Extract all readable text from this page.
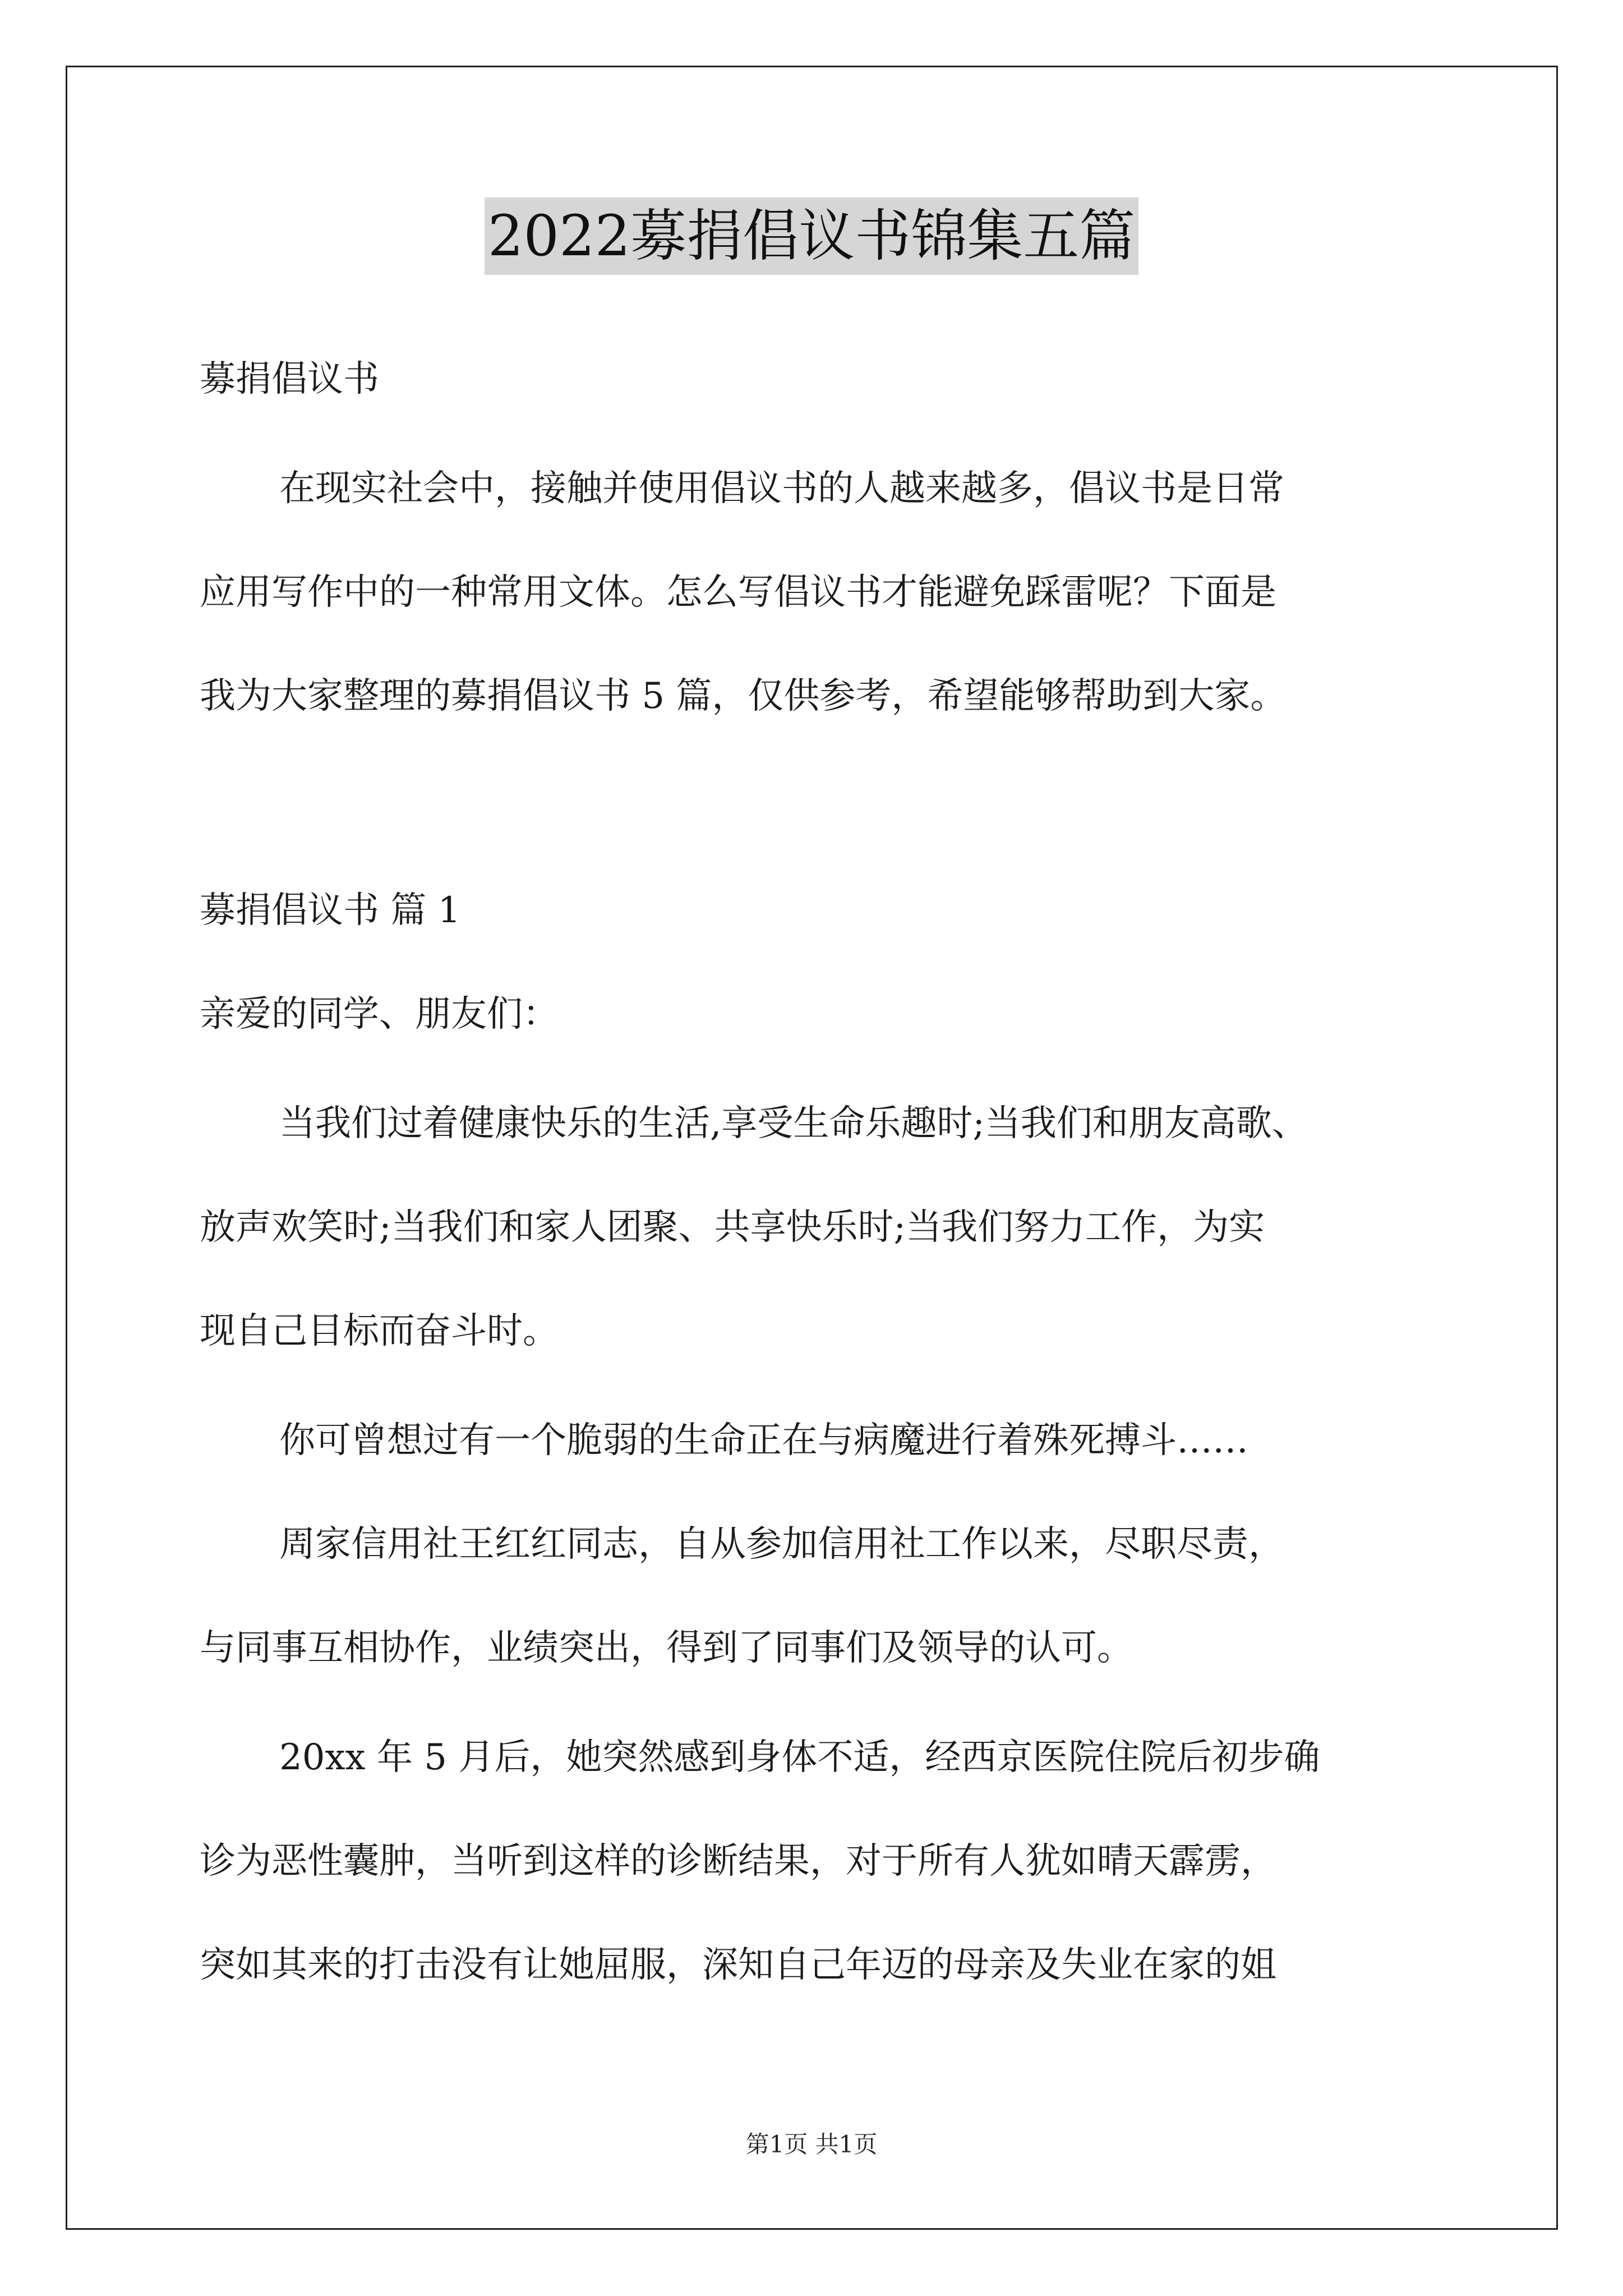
2022募捐倡议书锦集五篇
募捐倡议书
在现实社会中，接触并使用倡议书的人越来越多，倡议书是日常
应用写作中的一种常用文体。怎么写倡议书才能避免踩雷呢？下面是
我为大家整理的募捐倡议书 5 篇，仅供参考，希望能够帮助到大家。
募捐倡议书 篇 1
亲爱的同学、朋友们：
当我们过着健康快乐的生活,享受生命乐趣时;当我们和朋友高歌、
放声欢笑时;当我们和家人团聚、共享快乐时;当我们努力工作，为实
现自己目标而奋斗时。
你可曾想过有一个脆弱的生命正在与病魔进行着殊死搏斗……
周家信用社王红红同志，自从参加信用社工作以来，尽职尽责，
与同事互相协作，业绩突出，得到了同事们及领导的认可。
20xx 年 5 月后，她突然感到身体不适，经西京医院住院后初步确
诊为恶性囊肿，当听到这样的诊断结果，对于所有人犹如晴天霹雳，
突如其来的打击没有让她屈服，深知自己年迈的母亲及失业在家的姐
第1页 共1页
